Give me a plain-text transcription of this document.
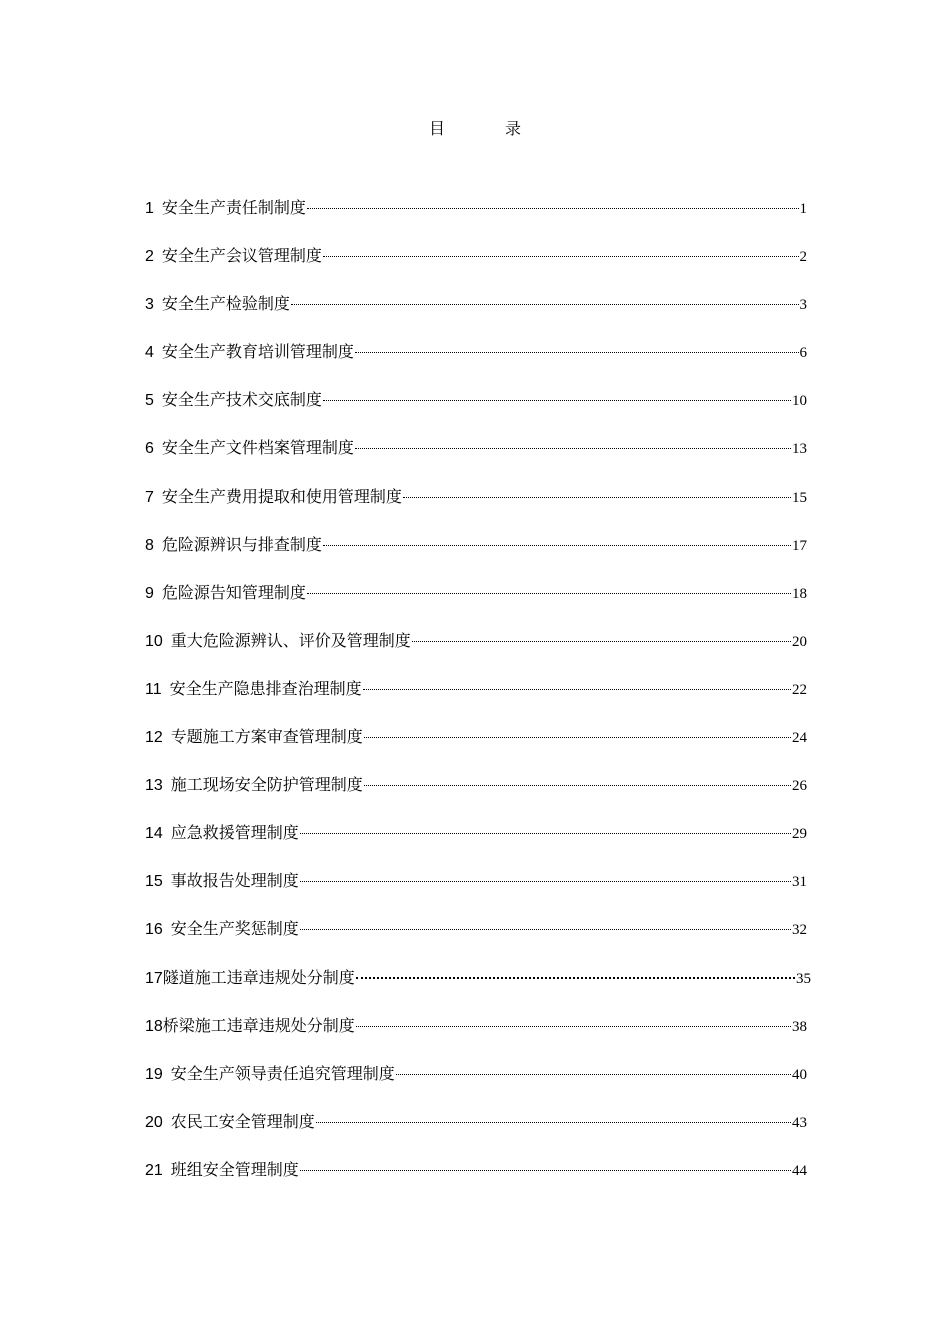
目　录
1 安全生产责任制制度	1
2 安全生产会议管理制度	2
3 安全生产检验制度	3
4 安全生产教育培训管理制度	6
5 安全生产技术交底制度	10
6 安全生产文件档案管理制度	13
7 安全生产费用提取和使用管理制度	15
8 危险源辨识与排查制度	17
9 危险源告知管理制度	18
10 重大危险源辨认、评价及管理制度	20
11 安全生产隐患排查治理制度	22
12 专题施工方案审查管理制度	24
13 施工现场安全防护管理制度	26
14 应急救援管理制度	29
15 事故报告处理制度	31
16 安全生产奖惩制度	32
17 隧道施工违章违规处分制度	35
18 桥梁施工违章违规处分制度	38
19 安全生产领导责任追究管理制度	40
20 农民工安全管理制度	43
21 班组安全管理制度	44
